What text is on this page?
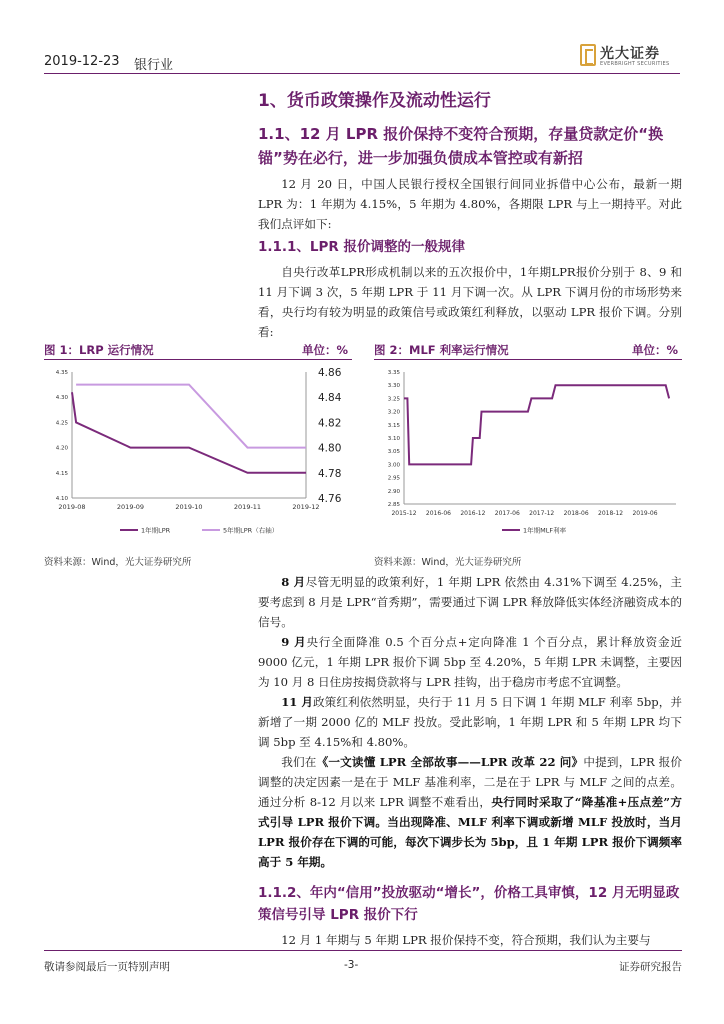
2019-12-23 银行业
光大证券
EVERBRIGHT SECURITIES
1、货币政策操作及流动性运行
1.1、12 月 LPR 报价保持不变符合预期，存量贷款定价“换锚”势在必行，进一步加强负债成本管控或有新招

12 月 20 日，中国人民银行授权全国银行间同业拆借中心公布，最新一期 LPR 为：1 年期为 4.15%，5 年期为 4.80%，各期限 LPR 与上一期持平。对此我们点评如下:

1.1.1、LPR 报价调整的一般规律

自央行改革LPR形成机制以来的五次报价中，1年期LPR报价分别于 8、9 和 11 月下调 3 次，5 年期 LPR 于 11 月下调一次。从 LPR 下调月份的市场形势来看，央行均有较为明显的政策信号或政策红利释放，以驱动 LPR 报价下调。分别看:

图 1：LRP 运行情况	单位：%
4.10
4.15
4.20
4.25
4.30
4.35
4.76
4.78
4.80
4.82
4.84
4.86
2019-08	2019-09	2019-10	2019-11	2019-12
1年期LPR	5年期LPR（右轴）
资料来源：Wind，光大证券研究所
图 2：MLF 利率运行情况	单位：%
2.85
2.90
2.95
3.00
3.05
3.10
3.15
3.20
3.25
3.30
3.35
2015-12 2016-06 2016-12 2017-06 2017-12 2018-06 2018-12 2019-06
1年期MLF利率
资料来源：Wind，光大证券研究所

8 月尽管无明显的政策利好，1 年期 LPR 依然由 4.31%下调至 4.25%，主要考虑到 8 月是 LPR“首秀期”，需要通过下调 LPR 释放降低实体经济融资成本的信号。

9 月央行全面降准 0.5 个百分点+定向降准 1 个百分点，累计释放资金近 9000 亿元，1 年期 LPR 报价下调 5bp 至 4.20%，5 年期 LPR 未调整，主要因为 10 月 8 日住房按揭贷款将与 LPR 挂钩，出于稳房市考虑不宜调整。

11 月政策红利依然明显，央行于 11 月 5 日下调 1 年期 MLF 利率 5bp，并新增了一期 2000 亿的 MLF 投放。受此影响，1 年期 LPR 和 5 年期 LPR 均下调 5bp 至 4.15%和 4.80%。

我们在《一文读懂 LPR 全部故事——LPR 改革 22 问》中提到，LPR 报价调整的决定因素一是在于 MLF 基准利率，二是在于 LPR 与 MLF 之间的点差。通过分析 8-12 月以来 LPR 调整不难看出，央行同时采取了“降基准+压点差”方式引导 LPR 报价下调。当出现降准、MLF 利率下调或新增 MLF 投放时，当月 LPR 报价存在下调的可能，每次下调步长为 5bp，且 1 年期 LPR 报价下调频率高于 5 年期。

1.1.2、年内“信用”投放驱动“增长”，价格工具审慎，12 月无明显政策信号引导 LPR 报价下行

12 月 1 年期与 5 年期 LPR 报价保持不变，符合预期，我们认为主要与

敬请参阅最后一页特别声明	-3-	证券研究报告
